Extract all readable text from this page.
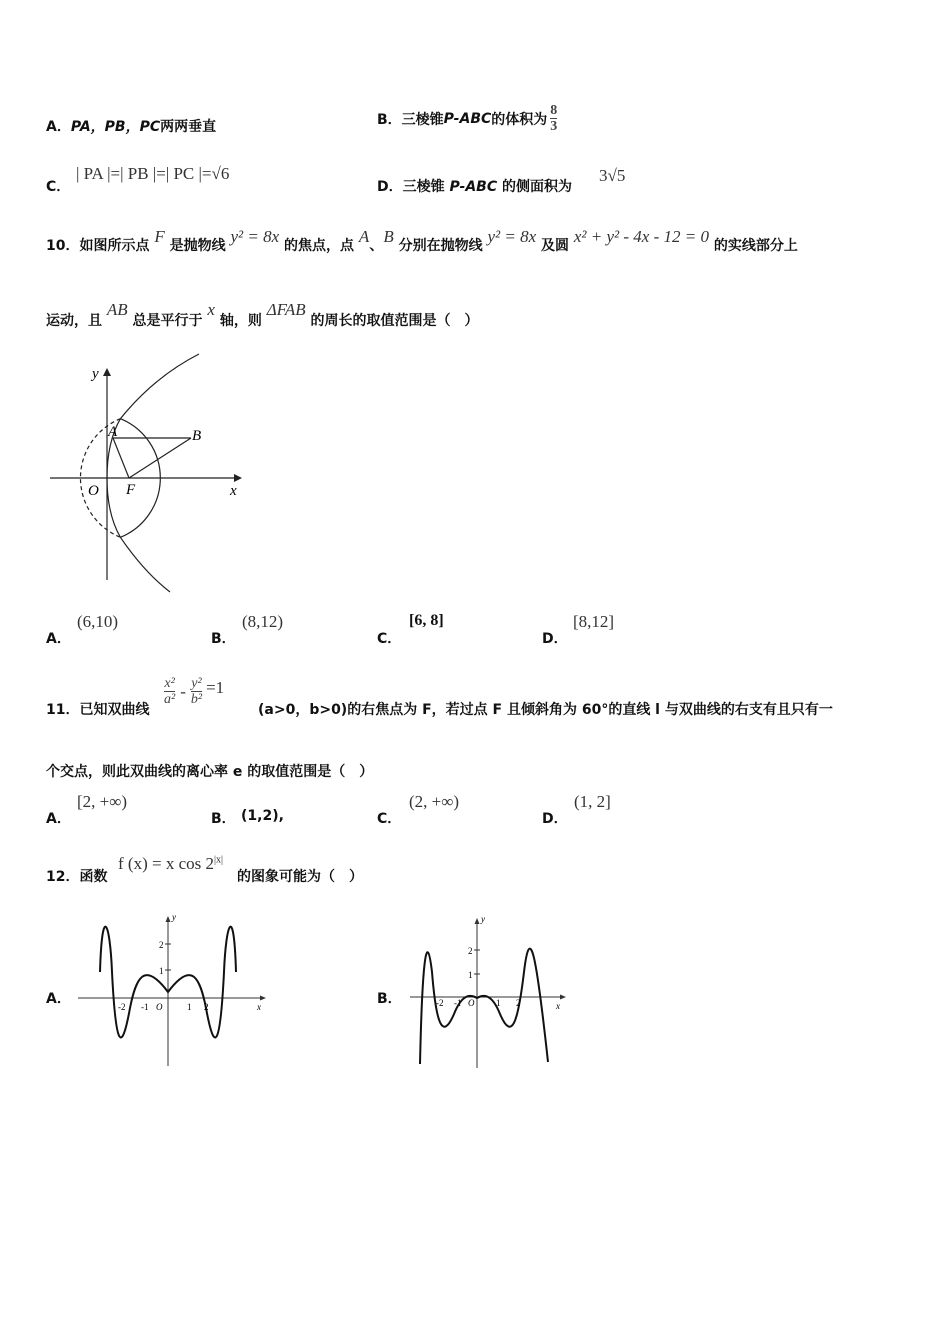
A．PA，PB，PC两两垂直	B． 三棱锥 P-ABC 的体积为 $\frac{8}{3}$
C．
| PA |=| PB |=| PC |=√6
D．三棱锥 P-ABC 的侧面积为
3√5
10．如图所示点 F 是抛物线 y² = 8x 的焦点，点 A、B 分别在抛物线 y² = 8x 及圆 x² + y² - 4x - 12 = 0 的实线部分上
运动，且 AB 总是平行于 x 轴，则 ΔFAB 的周长的取值范围是（　）
y
x
O F
A	B
A．
(6,10)
B．
(8,12)
C．
[6, 8]
D．
[8,12]
11．已知双曲线
$\frac{\text{x²}}{\text{a²}} - \frac{\text{y²}}{\text{b²}} =1$
(a>0，b>0)的右焦点为 F，若过点 F 且倾斜角为 60°的直线 l 与双曲线的右支有且只有一
个交点，则此双曲线的离心率 e 的取值范围是（　）
A．
[2, +∞)
B． (1,2),	C．
(2, +∞)
D．
(1, 2]
12．函数
f (x) = x $\cos 2^{|x|}$
的图象可能为（　）
A．
y
x
O
-2 -1	1 2
2
1
B．
y
x
O
-2 -1	1 2
2
1
